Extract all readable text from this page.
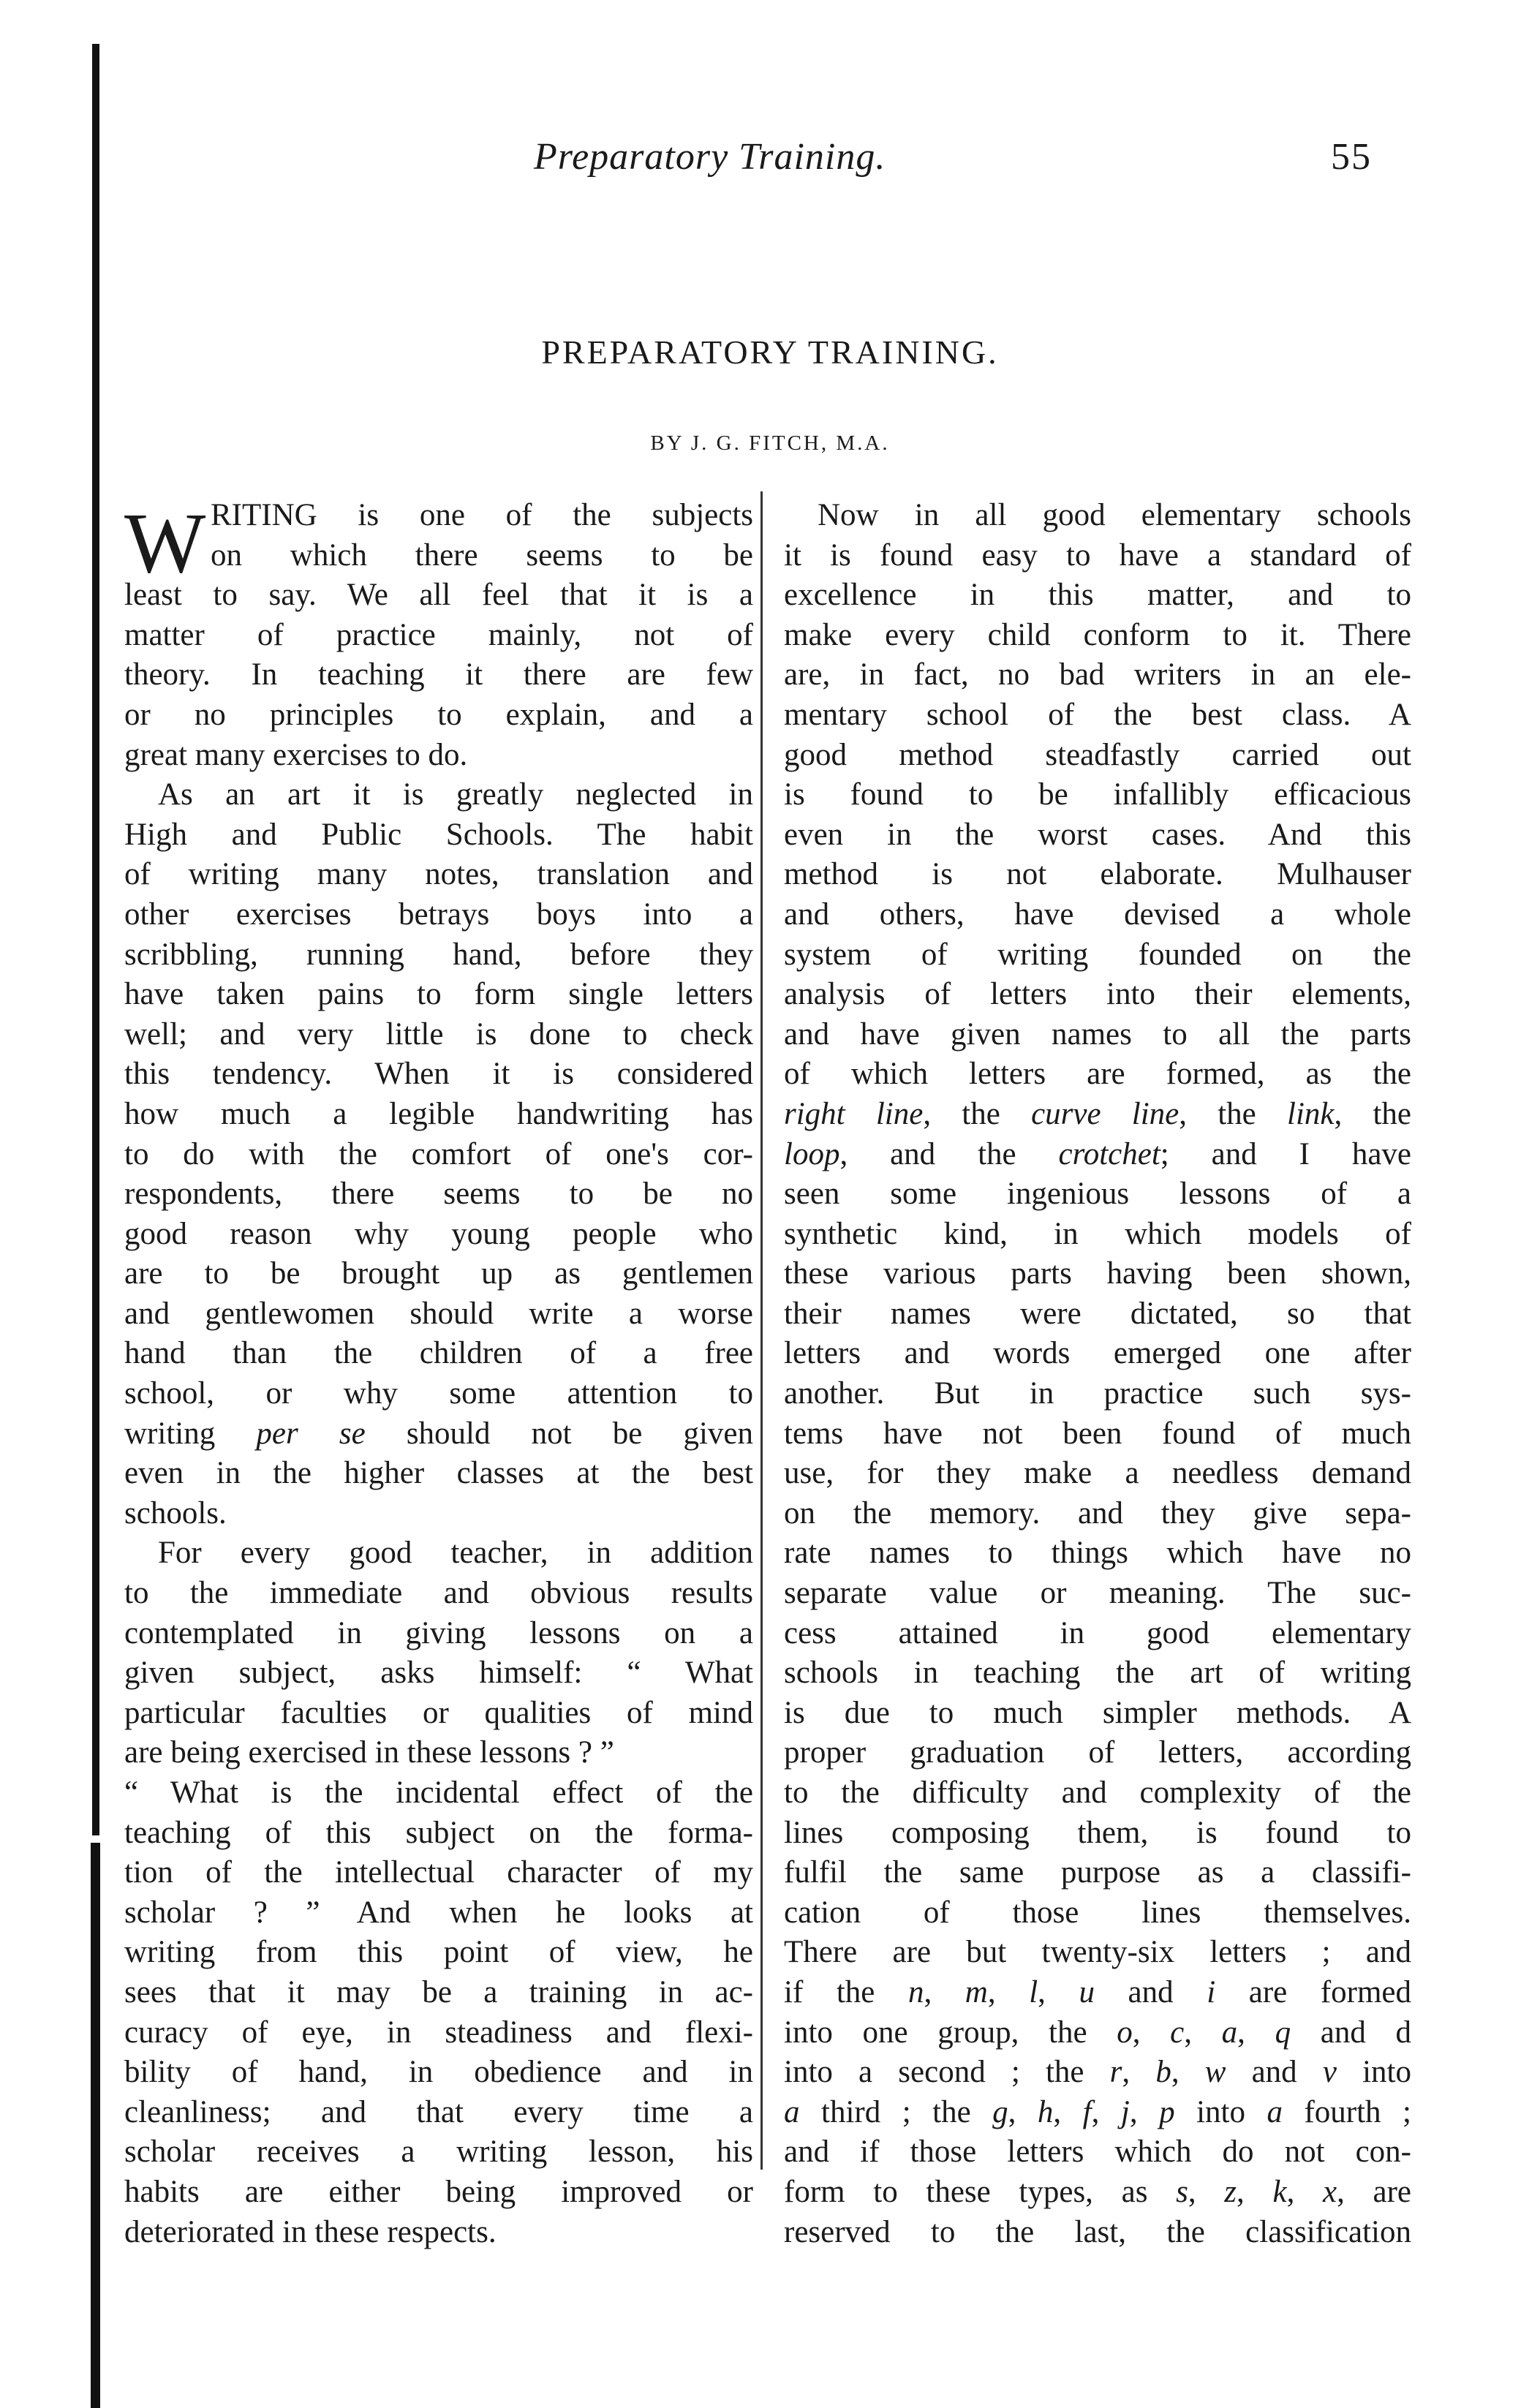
Preparatory Training.	55
PREPARATORY TRAINING.
BY J. G. FITCH, M.A.
W RITING is one of the subjects
on which there seems to be
least to say. We all feel that it is a
matter of practice mainly, not of
theory. In teaching it there are few
or no principles to explain, and a
great many exercises to do.
As an art it is greatly neglected in
High and Public Schools. The habit
of writing many notes, translation and
other exercises betrays boys into a
scribbling, running hand, before they
have taken pains to form single letters
well; and very little is done to check
this tendency. When it is considered
how much a legible handwriting has
to do with the comfort of one's cor-
respondents, there seems to be no
good reason why young people who
are to be brought up as gentlemen
and gentlewomen should write a worse
hand than the children of a free
school, or why some attention to
writing per se should not be given
even in the higher classes at the best
schools.
For every good teacher, in addition
to the immediate and obvious results
contemplated in giving lessons on a
given subject, asks himself: “ What
particular faculties or qualities of mind
are being exercised in these lessons ? ”
“ What is the incidental effect of the
teaching of this subject on the forma-
tion of the intellectual character of my
scholar ? ” And when he looks at
writing from this point of view, he
sees that it may be a training in ac-
curacy of eye, in steadiness and flexi-
bility of hand, in obedience and in
cleanliness; and that every time a
scholar receives a writing lesson, his
habits are either being improved or
deteriorated in these respects.
Now in all good elementary schools
it is found easy to have a standard of
excellence in this matter, and to
make every child conform to it. There
are, in fact, no bad writers in an ele-
mentary school of the best class. A
good method steadfastly carried out
is found to be infallibly efficacious
even in the worst cases. And this
method is not elaborate. Mulhauser
and others, have devised a whole
system of writing founded on the
analysis of letters into their elements,
and have given names to all the parts
of which letters are formed, as the
right line, the curve line, the link, the
loop, and the crotchet; and I have
seen some ingenious lessons of a
synthetic kind, in which models of
these various parts having been shown,
their names were dictated, so that
letters and words emerged one after
another. But in practice such sys-
tems have not been found of much
use, for they make a needless demand
on the memory. and they give sepa-
rate names to things which have no
separate value or meaning. The suc-
cess attained in good elementary
schools in teaching the art of writing
is due to much simpler methods. A
proper graduation of letters, according
to the difficulty and complexity of the
lines composing them, is found to
fulfil the same purpose as a classifi-
cation of those lines themselves.
There are but twenty-six letters ; and
if the n, m, l, u and i are formed
into one group, the o, c, a, q and d
into a second ; the r, b, w and v into
a third ; the g, h, f, j, p into a fourth ;
and if those letters which do not con-
form to these types, as s, z, k, x, are
reserved to the last, the classification
